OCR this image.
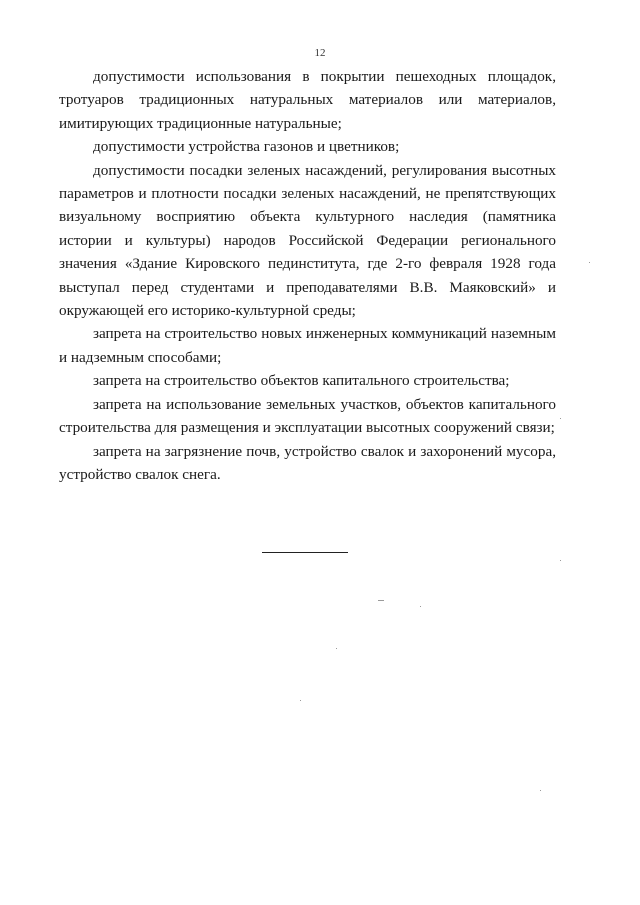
12

допустимости использования в покрытии пешеходных площадок, тротуаров традиционных натуральных материалов или материалов, имитирующих традиционные натуральные;

допустимости устройства газонов и цветников;

допустимости посадки зеленых насаждений, регулирования высотных параметров и плотности посадки зеленых насаждений, не препятствующих визуальному восприятию объекта культурного наследия (памятника истории и культуры) народов Российской Федерации регионального значения «Здание Кировского пединститута, где 2-го февраля 1928 года выступал перед студентами и преподавателями В.В. Маяковский» и окружающей его историко-культурной среды;

запрета на строительство новых инженерных коммуникаций наземным и надземным способами;

запрета на строительство объектов капитального строительства;

запрета на использование земельных участков, объектов капитального строительства для размещения и эксплуатации высотных сооружений связи;

запрета на загрязнение почв, устройство свалок и захоронений мусора, устройство свалок снега.
